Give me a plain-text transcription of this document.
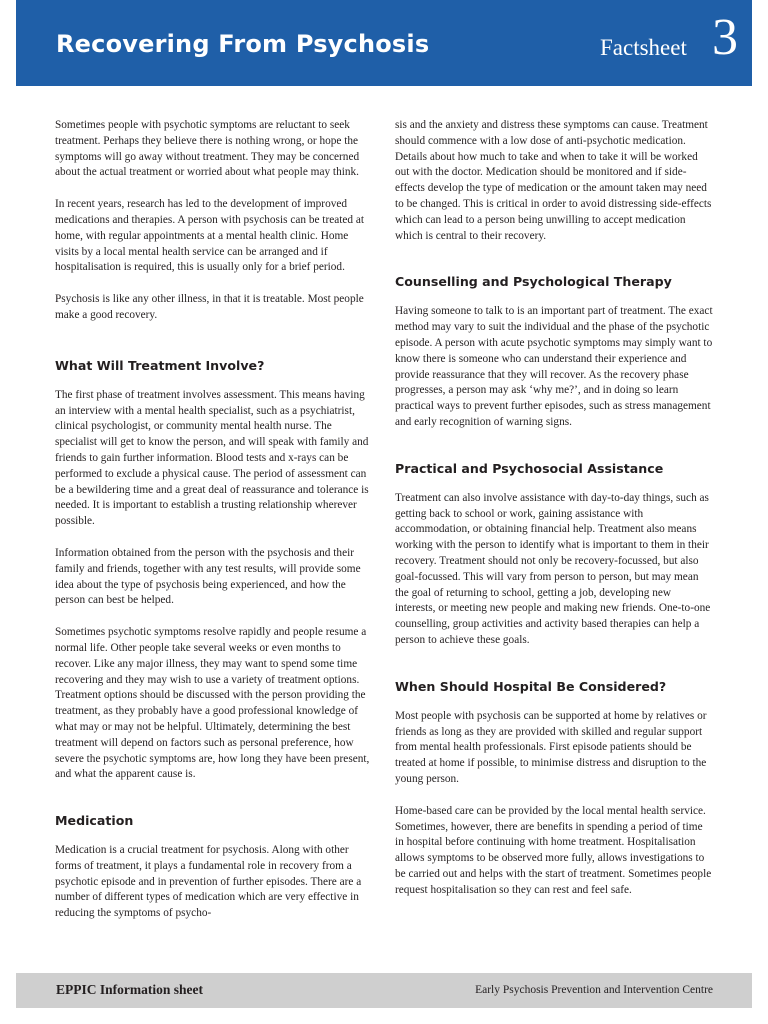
Recovering From Psychosis	Factsheet 3

Sometimes people with psychotic symptoms are reluctant to seek treatment. Perhaps they believe there is nothing wrong, or hope the symptoms will go away without treatment. They may be concerned about the actual treatment or worried about what people may think.

In recent years, research has led to the development of improved medications and therapies. A person with psychosis can be treated at home, with regular appointments at a mental health clinic. Home visits by a local mental health service can be arranged and if hospitalisation is required, this is usually only for a brief period.

Psychosis is like any other illness, in that it is treatable. Most people make a good recovery.

What Will Treatment Involve?

The first phase of treatment involves assessment. This means having an interview with a mental health specialist, such as a psychiatrist, clinical psychologist, or community mental health nurse. The specialist will get to know the person, and will speak with family and friends to gain further information. Blood tests and x-rays can be performed to exclude a physical cause. The period of assessment can be a bewildering time and a great deal of reassurance and tolerance is needed. It is important to establish a trusting relationship wherever possible.

Information obtained from the person with the psychosis and their family and friends, together with any test results, will provide some idea about the type of psychosis being experienced, and how the person can best be helped.

Sometimes psychotic symptoms resolve rapidly and people resume a normal life. Other people take several weeks or even months to recover. Like any major illness, they may want to spend some time recovering and they may wish to use a variety of treatment options. Treatment options should be discussed with the person providing the treatment, as they probably have a good professional knowledge of what may or may not be helpful. Ultimately, determining the best treatment will depend on factors such as personal preference, how severe the psychotic symptoms are, how long they have been present, and what the apparent cause is.

Medication

Medication is a crucial treatment for psychosis. Along with other forms of treatment, it plays a fundamental role in recovery from a psychotic episode and in prevention of further episodes. There are a number of different types of medication which are very effective in reducing the symptoms of psycho-

sis and the anxiety and distress these symptoms can cause. Treatment should commence with a low dose of anti-psychotic medication. Details about how much to take and when to take it will be worked out with the doctor. Medication should be monitored and if side-effects develop the type of medication or the amount taken may need to be changed. This is critical in order to avoid distressing side-effects which can lead to a person being unwilling to accept medication which is central to their recovery.

Counselling and Psychological Therapy

Having someone to talk to is an important part of treatment. The exact method may vary to suit the individual and the phase of the psychotic episode. A person with acute psychotic symptoms may simply want to know there is someone who can understand their experience and provide reassurance that they will recover. As the recovery phase progresses, a person may ask ‘why me?’, and in doing so learn practical ways to prevent further episodes, such as stress management and early recognition of warning signs.

Practical and Psychosocial Assistance

Treatment can also involve assistance with day-to-day things, such as getting back to school or work, gaining assistance with accommodation, or obtaining financial help. Treatment also means working with the person to identify what is important to them in their recovery. Treatment should not only be recovery-focussed, but also goal-focussed. This will vary from person to person, but may mean the goal of returning to school, getting a job, developing new interests, or meeting new people and making new friends. One-to-one counselling, group activities and activity based therapies can help a person to achieve these goals.

When Should Hospital Be Considered?

Most people with psychosis can be supported at home by relatives or friends as long as they are provided with skilled and regular support from mental health professionals. First episode patients should be treated at home if possible, to minimise distress and disruption to the young person.

Home-based care can be provided by the local mental health service. Sometimes, however, there are benefits in spending a period of time in hospital before continuing with home treatment. Hospitalisation allows symptoms to be observed more fully, allows investigations to be carried out and helps with the start of treatment. Sometimes people request hospitalisation so they can rest and feel safe.

EPPIC Information sheet	Early Psychosis Prevention and Intervention Centre
